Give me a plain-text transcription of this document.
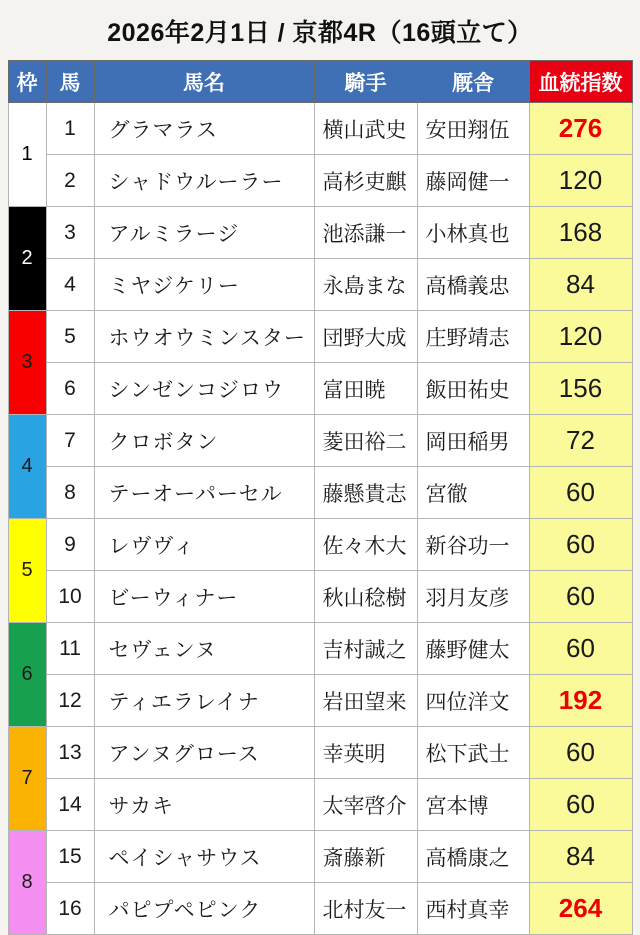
2026年2月1日 / 京都4R（16頭立て）
枠	馬	馬名	騎手	厩舎	血統指数
1	1	グラマラス	横山武史	安田翔伍	276
	2	シャドウルーラー	高杉吏麒	藤岡健一	120
2	3	アルミラージ	池添謙一	小林真也	168
	4	ミヤジケリー	永島まな	高橋義忠	84
3	5	ホウオウミンスター	団野大成	庄野靖志	120
	6	シンゼンコジロウ	富田暁	飯田祐史	156
4	7	クロボタン	菱田裕二	岡田稲男	72
	8	テーオーパーセル	藤懸貴志	宮徹	60
5	9	レヴヴィ	佐々木大	新谷功一	60
	10	ビーウィナー	秋山稔樹	羽月友彦	60
6	11	セヴェンヌ	吉村誠之	藤野健太	60
	12	ティエラレイナ	岩田望来	四位洋文	192
7	13	アンヌグロース	幸英明	松下武士	60
	14	サカキ	太宰啓介	宮本博	60
8	15	ペイシャサウス	斎藤新	高橋康之	84
	16	パピプペピンク	北村友一	西村真幸	264
